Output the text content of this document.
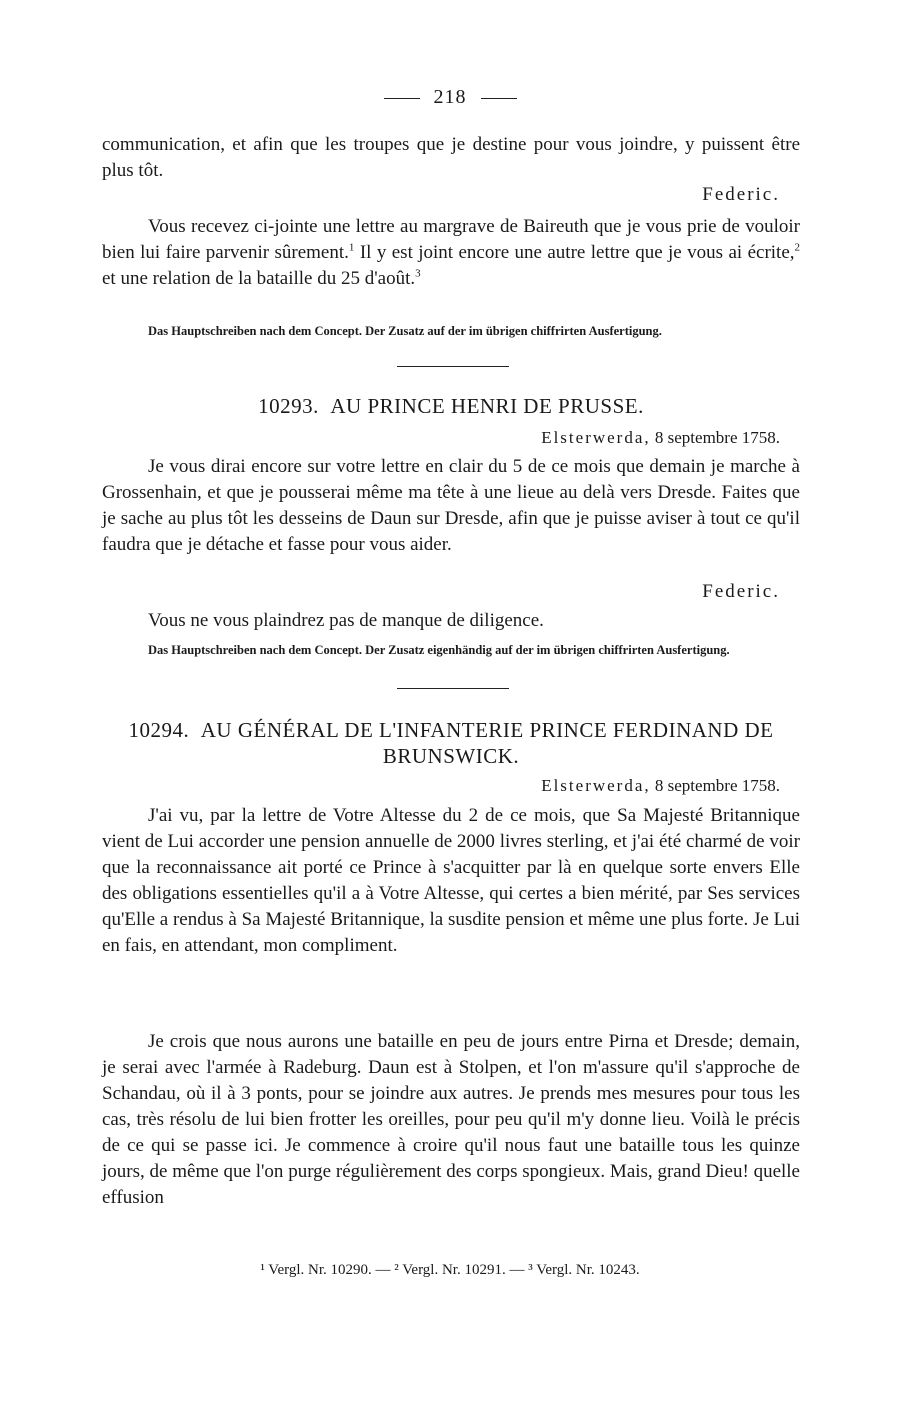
218
communication, et afin que les troupes que je destine pour vous joindre, y puissent être plus tôt.
Federic.
Vous recevez ci-jointe une lettre au margrave de Baireuth que je vous prie de vouloir bien lui faire parvenir sûrement.$^1$ Il y est joint encore une autre lettre que je vous ai écrite,$^2$ et une relation de la bataille du 25 d'août.$^3$
Das Hauptschreiben nach dem Concept. Der Zusatz auf der im übrigen chiffrirten Ausfertigung.
10293. AU PRINCE HENRI DE PRUSSE.
Elsterwerda, 8 septembre 1758.
Je vous dirai encore sur votre lettre en clair du 5 de ce mois que demain je marche à Grossenhain, et que je pousserai même ma tête à une lieue au delà vers Dresde. Faites que je sache au plus tôt les desseins de Daun sur Dresde, afin que je puisse aviser à tout ce qu'il faudra que je détache et fasse pour vous aider.
Federic.
Vous ne vous plaindrez pas de manque de diligence.
Das Hauptschreiben nach dem Concept. Der Zusatz eigenhändig auf der im übrigen chiffrirten Ausfertigung.
10294. AU GÉNÉRAL DE L'INFANTERIE PRINCE FERDINAND DE BRUNSWICK.
Elsterwerda, 8 septembre 1758.
J'ai vu, par la lettre de Votre Altesse du 2 de ce mois, que Sa Majesté Britannique vient de Lui accorder une pension annuelle de 2000 livres sterling, et j'ai été charmé de voir que la reconnaissance ait porté ce Prince à s'acquitter par là en quelque sorte envers Elle des obligations essentielles qu'il a à Votre Altesse, qui certes a bien mérité, par Ses services qu'Elle a rendus à Sa Majesté Britannique, la susdite pension et même une plus forte. Je Lui en fais, en attendant, mon compliment.
Je crois que nous aurons une bataille en peu de jours entre Pirna et Dresde; demain, je serai avec l'armée à Radeburg. Daun est à Stolpen, et l'on m'assure qu'il s'approche de Schandau, où il à 3 ponts, pour se joindre aux autres. Je prends mes mesures pour tous les cas, très résolu de lui bien frotter les oreilles, pour peu qu'il m'y donne lieu. Voilà le précis de ce qui se passe ici. Je commence à croire qu'il nous faut une bataille tous les quinze jours, de même que l'on purge régulièrement des corps spongieux. Mais, grand Dieu! quelle effusion
¹ Vergl. Nr. 10290. — ² Vergl. Nr. 10291. — ³ Vergl. Nr. 10243.
